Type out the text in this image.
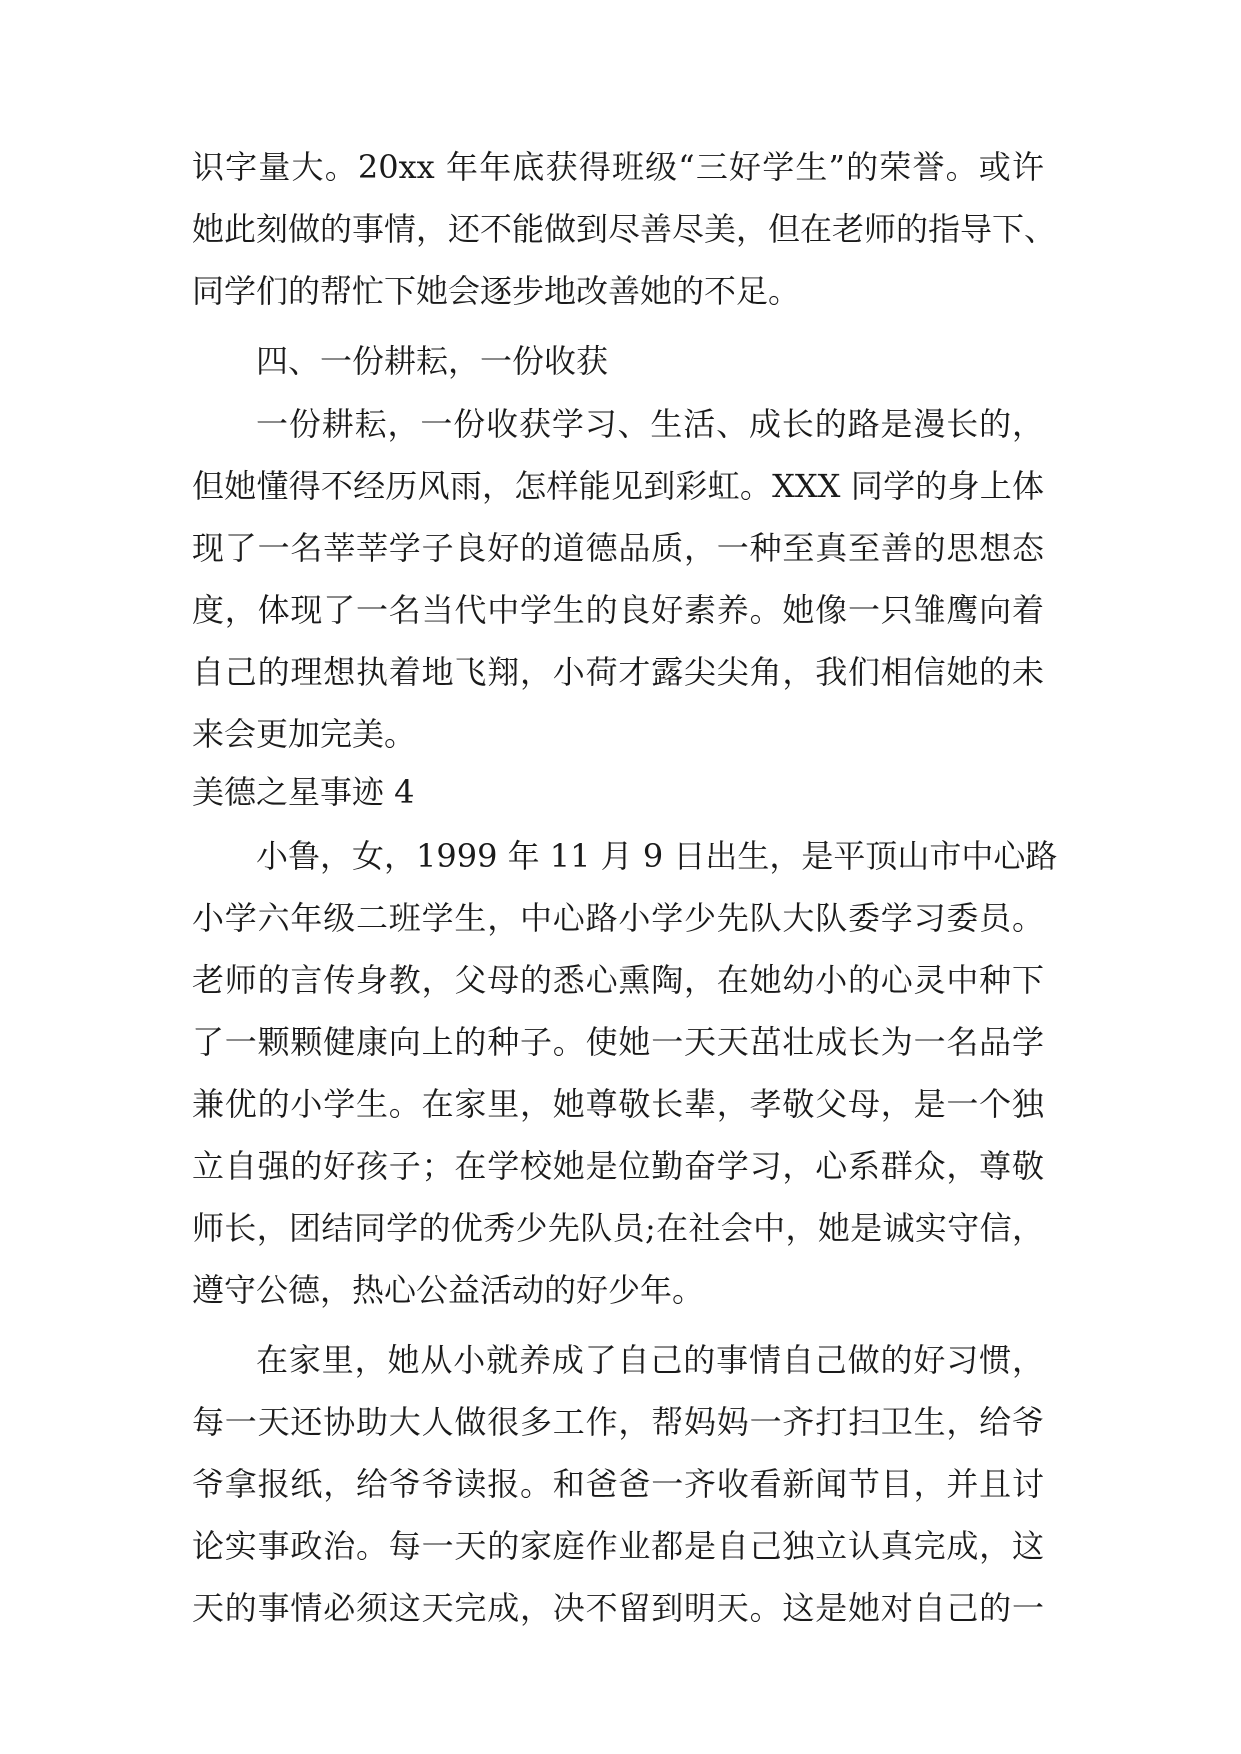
识字量大。20xx 年年底获得班级“三好学生”的荣誉。或许
她此刻做的事情，还不能做到尽善尽美，但在老师的指导下、
同学们的帮忙下她会逐步地改善她的不足。
四、一份耕耘，一份收获
一份耕耘，一份收获学习、生活、成长的路是漫长的，
但她懂得不经历风雨，怎样能见到彩虹。XXX 同学的身上体
现了一名莘莘学子良好的道德品质，一种至真至善的思想态
度，体现了一名当代中学生的良好素养。她像一只雏鹰向着
自己的理想执着地飞翔，小荷才露尖尖角，我们相信她的未
来会更加完美。
美德之星事迹 4
小鲁，女，1999 年 11 月 9 日出生，是平顶山市中心路
小学六年级二班学生，中心路小学少先队大队委学习委员。
老师的言传身教，父母的悉心熏陶，在她幼小的心灵中种下
了一颗颗健康向上的种子。使她一天天茁壮成长为一名品学
兼优的小学生。在家里，她尊敬长辈，孝敬父母，是一个独
立自强的好孩子；在学校她是位勤奋学习，心系群众，尊敬
师长，团结同学的优秀少先队员;在社会中，她是诚实守信，
遵守公德，热心公益活动的好少年。
在家里，她从小就养成了自己的事情自己做的好习惯，
每一天还协助大人做很多工作，帮妈妈一齐打扫卫生，给爷
爷拿报纸，给爷爷读报。和爸爸一齐收看新闻节目，并且讨
论实事政治。每一天的家庭作业都是自己独立认真完成，这
天的事情必须这天完成，决不留到明天。这是她对自己的一
